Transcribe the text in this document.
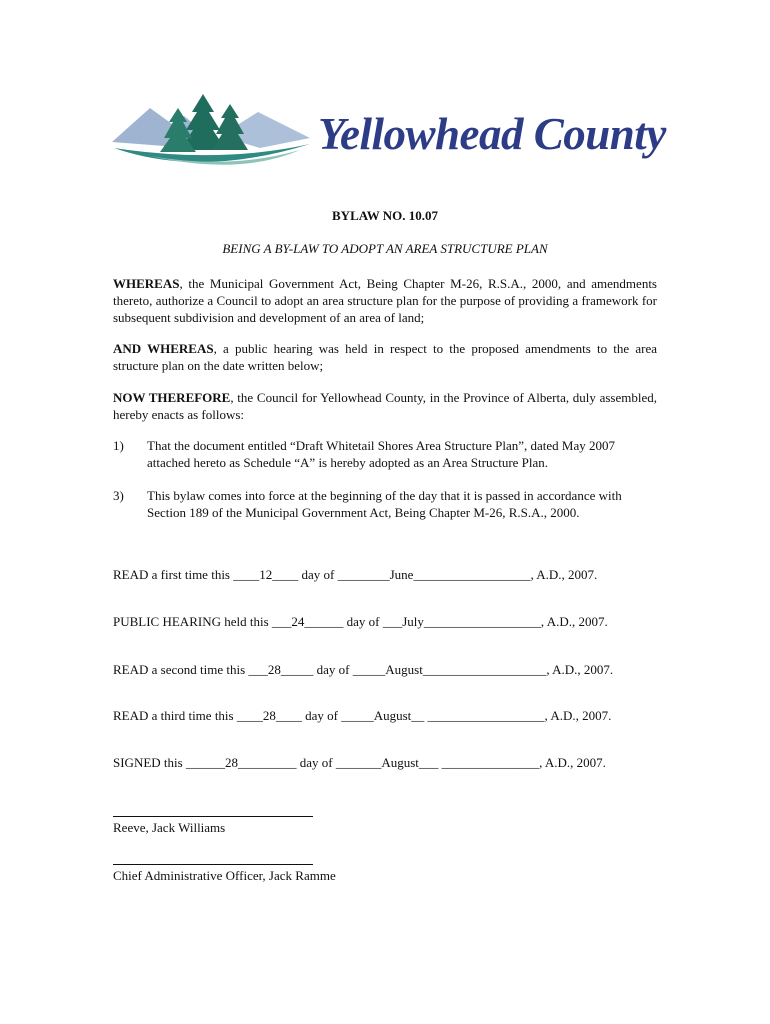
Yellowhead County
BYLAW NO. 10.07
BEING A BY-LAW TO ADOPT AN AREA STRUCTURE PLAN
WHEREAS, the Municipal Government Act, Being Chapter M-26, R.S.A., 2000, and amendments thereto, authorize a Council to adopt an area structure plan for the purpose of providing a framework for subsequent subdivision and development of an area of land;
AND WHEREAS, a public hearing was held in respect to the proposed amendments to the area structure plan on the date written below;
NOW THEREFORE, the Council for Yellowhead County, in the Province of Alberta, duly assembled, hereby enacts as follows:
1) That the document entitled “Draft Whitetail Shores Area Structure Plan”, dated May 2007 attached hereto as Schedule “A” is hereby adopted as an Area Structure Plan.
3) This bylaw comes into force at the beginning of the day that it is passed in accordance with Section 189 of the Municipal Government Act, Being Chapter M-26, R.S.A., 2000.
READ a first time this ____12____ day of ________June__________________, A.D., 2007.
PUBLIC HEARING held this ___24______ day of ___July__________________, A.D., 2007.
READ a second time this ___28_____ day of _____August___________________, A.D., 2007.
READ a third time this ____28____ day of _____August__ __________________, A.D., 2007.
SIGNED this ______28_________ day of _______August___ _______________, A.D., 2007.
Reeve, Jack Williams
Chief Administrative Officer, Jack Ramme
